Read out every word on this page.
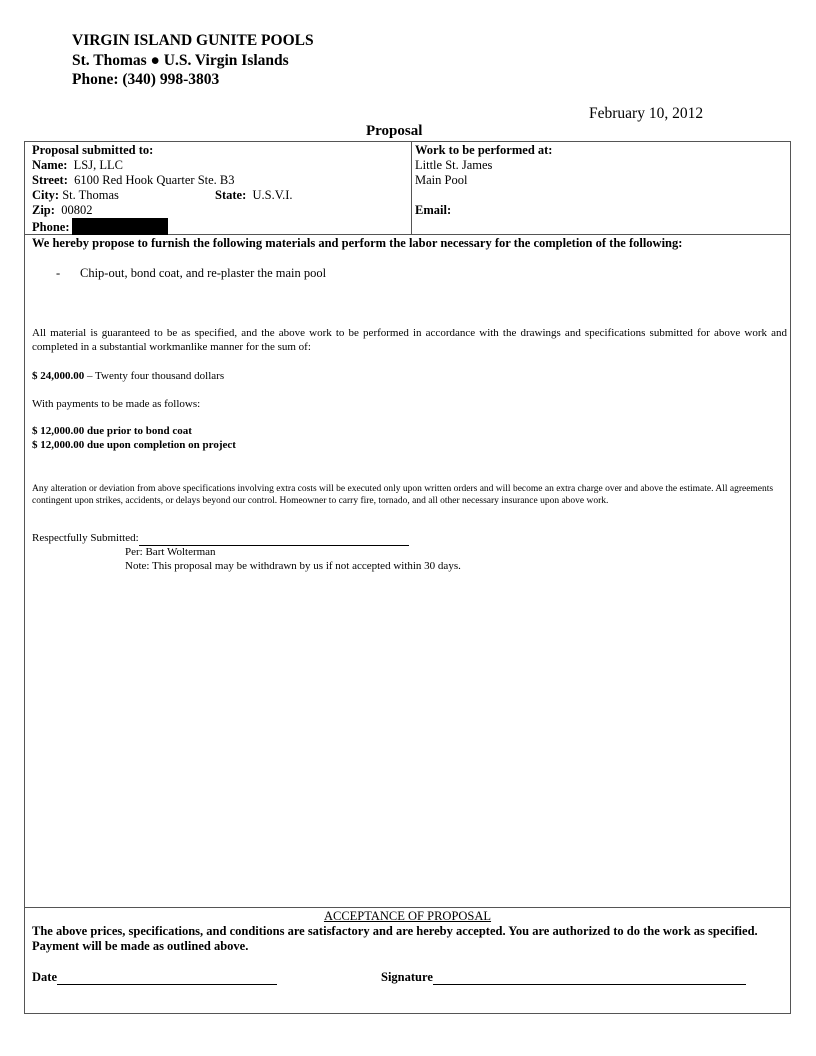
VIRGIN ISLAND GUNITE POOLS
St. Thomas ● U.S. Virgin Islands
Phone: (340) 998-3803
February 10, 2012
Proposal
Proposal submitted to:
Name: LSJ, LLC
Street: 6100 Red Hook Quarter Ste. B3
City: St. Thomas	State: U.S.V.I.
Zip: 00802
Phone:
Work to be performed at:
Little St. James
Main Pool
Email:
We hereby propose to furnish the following materials and perform the labor necessary for the completion of the following:
- Chip-out, bond coat, and re-plaster the main pool
All material is guaranteed to be as specified, and the above work to be performed in accordance with the drawings and specifications submitted for above work and completed in a substantial workmanlike manner for the sum of:
$ 24,000.00 – Twenty four thousand dollars
With payments to be made as follows:
$ 12,000.00 due prior to bond coat
$ 12,000.00 due upon completion on project
Any alteration or deviation from above specifications involving extra costs will be executed only upon written orders and will become an extra charge over and above the estimate. All agreements contingent upon strikes, accidents, or delays beyond our control. Homeowner to carry fire, tornado, and all other necessary insurance upon above work.
Respectfully Submitted:
Per: Bart Wolterman
Note: This proposal may be withdrawn by us if not accepted within 30 days.
ACCEPTANCE OF PROPOSAL
The above prices, specifications, and conditions are satisfactory and are hereby accepted. You are authorized to do the work as specified. Payment will be made as outlined above.
Date	Signature
